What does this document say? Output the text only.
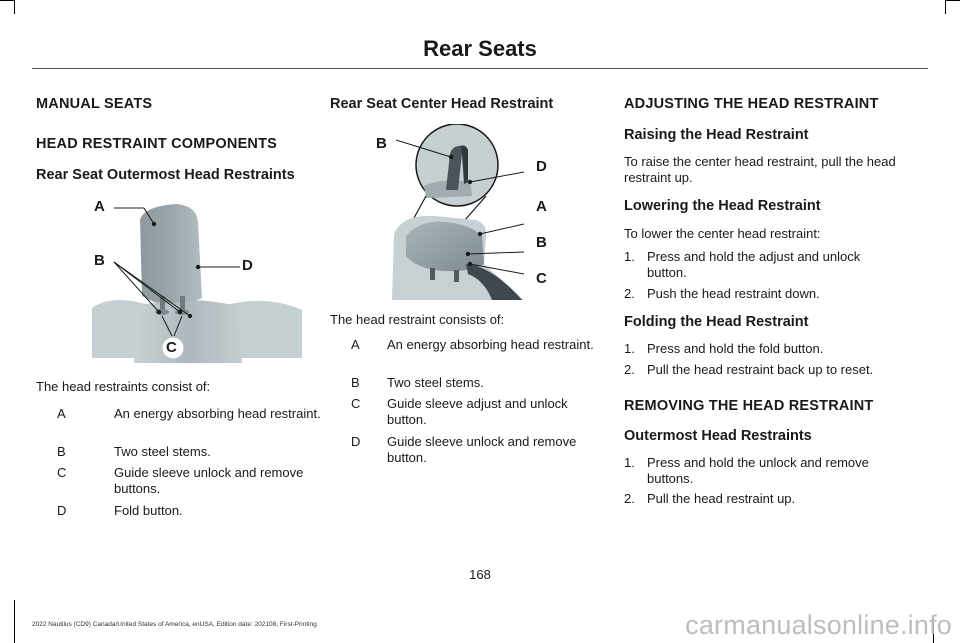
Rear Seats

MANUAL SEATS

HEAD RESTRAINT COMPONENTS

Rear Seat Outermost Head Restraints

A
B	D
C

The head restraints consist of:

A	An energy absorbing head restraint.
B	Two steel stems.
C	Guide sleeve unlock and remove buttons.
D	Fold button.

Rear Seat Center Head Restraint

B
D
A
B
C

The head restraint consists of:

A An energy absorbing head restraint.
B Two steel stems.
C Guide sleeve adjust and unlock button.
D Guide sleeve unlock and remove button.

ADJUSTING THE HEAD RESTRAINT

Raising the Head Restraint

To raise the center head restraint, pull the head restraint up.

Lowering the Head Restraint

To lower the center head restraint:

1. Press and hold the adjust and unlock button.
2. Push the head restraint down.

Folding the Head Restraint

1. Press and hold the fold button.
2. Pull the head restraint back up to reset.

REMOVING THE HEAD RESTRAINT

Outermost Head Restraints

1. Press and hold the unlock and remove buttons.
2. Pull the head restraint up.
168
2022 Nautilus (CD9) Canada/United States of America, enUSA, Edition date: 202108, First-Printing	carmanualsonline.info
